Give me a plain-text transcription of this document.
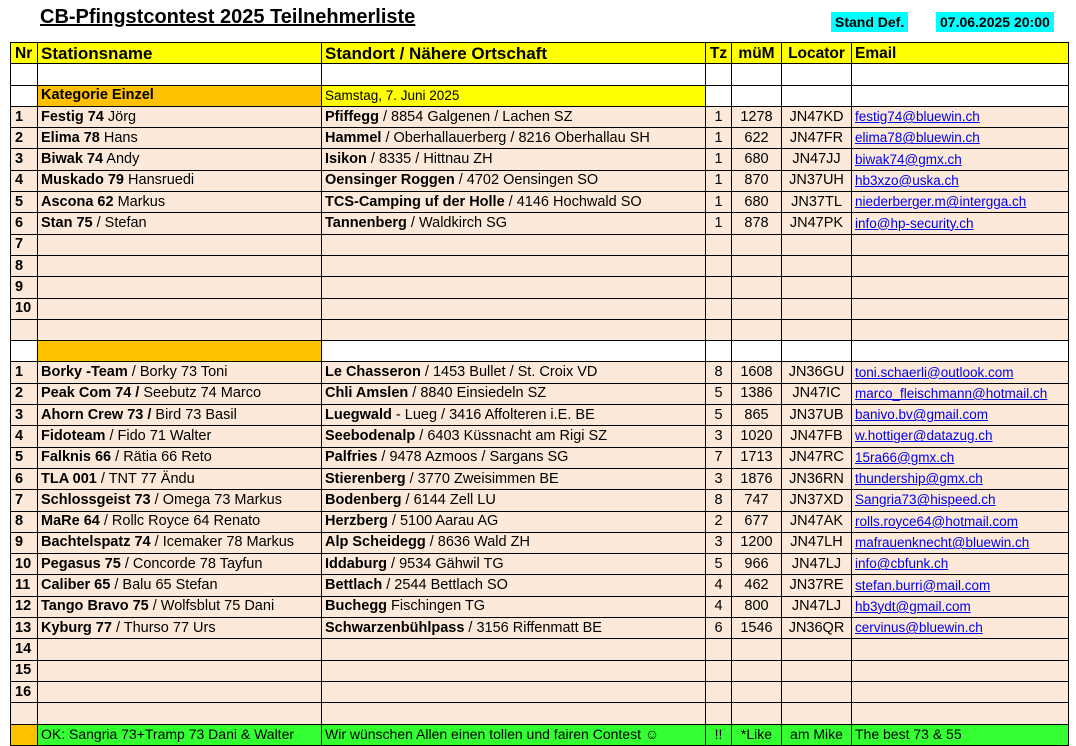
CB-Pfingstcontest 2025 Teilnehmerliste	Stand Def.	07.06.2025 20:00
Nr	Stationsname	Standort / Nähere Ortschaft	Tz	müM	Locator	Email

	Kategorie Einzel	Samstag, 7. Juni 2025				
1	Festig 74 Jörg	Pfiffegg / 8854 Galgenen / Lachen SZ	1	1278	JN47KD	festig74@bluewin.ch
2	Elima 78 Hans	Hammel / Oberhallauerberg / 8216 Oberhallau SH	1	622	JN47FR	elima78@bluewin.ch
3	Biwak 74 Andy	Isikon / 8335 / Hittnau ZH	1	680	JN47JJ	biwak74@gmx.ch
4	Muskado 79 Hansruedi	Oensinger Roggen / 4702 Oensingen SO	1	870	JN37UH	hb3xzo@uska.ch
5	Ascona 62 Markus	TCS-Camping uf der Holle / 4146 Hochwald SO	1	680	JN37TL	niederberger.m@intergga.ch
6	Stan 75 / Stefan	Tannenberg / Waldkirch SG	1	878	JN47PK	info@hp-security.ch
7						
8						
9						
10						

1	Borky -Team / Borky 73 Toni	Le Chasseron / 1453 Bullet / St. Croix VD	8	1608	JN36GU	toni.schaerli@outlook.com
2	Peak Com 74 / Seebutz 74 Marco	Chli Amslen / 8840 Einsiedeln SZ	5	1386	JN47IC	marco_fleischmann@hotmail.ch
3	Ahorn Crew 73 / Bird 73 Basil	Luegwald - Lueg / 3416 Affolteren i.E. BE	5	865	JN37UB	banivo.bv@gmail.com
4	Fidoteam / Fido 71 Walter	Seebodenalp / 6403 Küssnacht am Rigi SZ	3	1020	JN47FB	w.hottiger@datazug.ch
5	Falknis 66 / Rätia 66 Reto	Palfries / 9478 Azmoos / Sargans SG	7	1713	JN47RC	15ra66@gmx.ch
6	TLA 001 / TNT 77 Ändu	Stierenberg / 3770 Zweisimmen BE	3	1876	JN36RN	thundership@gmx.ch
7	Schlossgeist 73 / Omega 73 Markus	Bodenberg / 6144 Zell LU	8	747	JN37XD	Sangria73@hispeed.ch
8	MaRe 64 / Rollc Royce 64 Renato	Herzberg / 5100 Aarau AG	2	677	JN47AK	rolls.royce64@hotmail.com
9	Bachtelspatz 74 / Icemaker 78 Markus	Alp Scheidegg / 8636 Wald ZH	3	1200	JN47LH	mafrauenknecht@bluewin.ch
10	Pegasus 75 / Concorde 78 Tayfun	Iddaburg / 9534 Gähwil TG	5	966	JN47LJ	info@cbfunk.ch
11	Caliber 65 / Balu 65 Stefan	Bettlach / 2544 Bettlach SO	4	462	JN37RE	stefan.burri@mail.com
12	Tango Bravo 75 / Wolfsblut 75 Dani	Buchegg Fischingen TG	4	800	JN47LJ	hb3ydt@gmail.com
13	Kyburg 77 / Thurso 77 Urs	Schwarzenbühlpass / 3156 Riffenmatt BE	6	1546	JN36QR	cervinus@bluewin.ch
14						
15						
16						

	OK: Sangria 73+Tramp 73 Dani & Walter	Wir wünschen Allen einen tollen und fairen Contest ☺	!!	*Like	am Mike	The best 73 & 55
